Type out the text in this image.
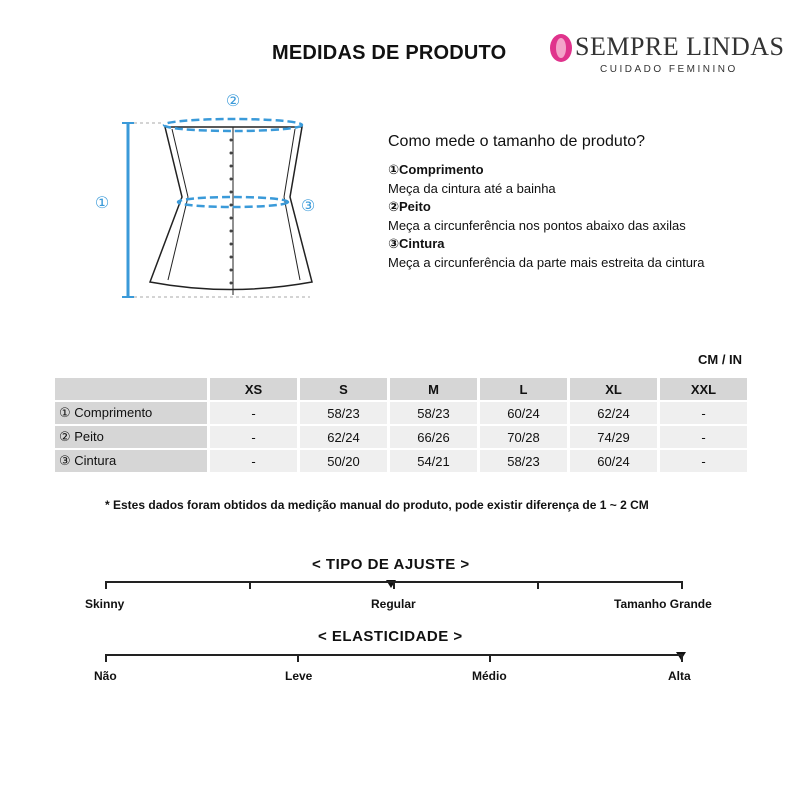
MEDIDAS DE PRODUTO	SEMPRE LINDAS
CUIDADO FEMININO
①
②
③
Como mede o tamanho de produto?
①Comprimento
Meça da cintura até a bainha
②Peito
Meça a circunferência nos pontos abaixo das axilas
③Cintura
Meça a circunferência da parte mais estreita da cintura
CM / IN
	XS	S	M	L	XL	XXL
① Comprimento	-	58/23	58/23	60/24	62/24	-
② Peito	-	62/24	66/26	70/28	74/29	-
③ Cintura	-	50/20	54/21	58/23	60/24	-
* Estes dados foram obtidos da medição manual do produto, pode existir diferença de 1 ~ 2 CM
< TIPO DE AJUSTE >
Skinny	Regular	Tamanho Grande
< ELASTICIDADE >
Não	Leve	Médio	Alta
